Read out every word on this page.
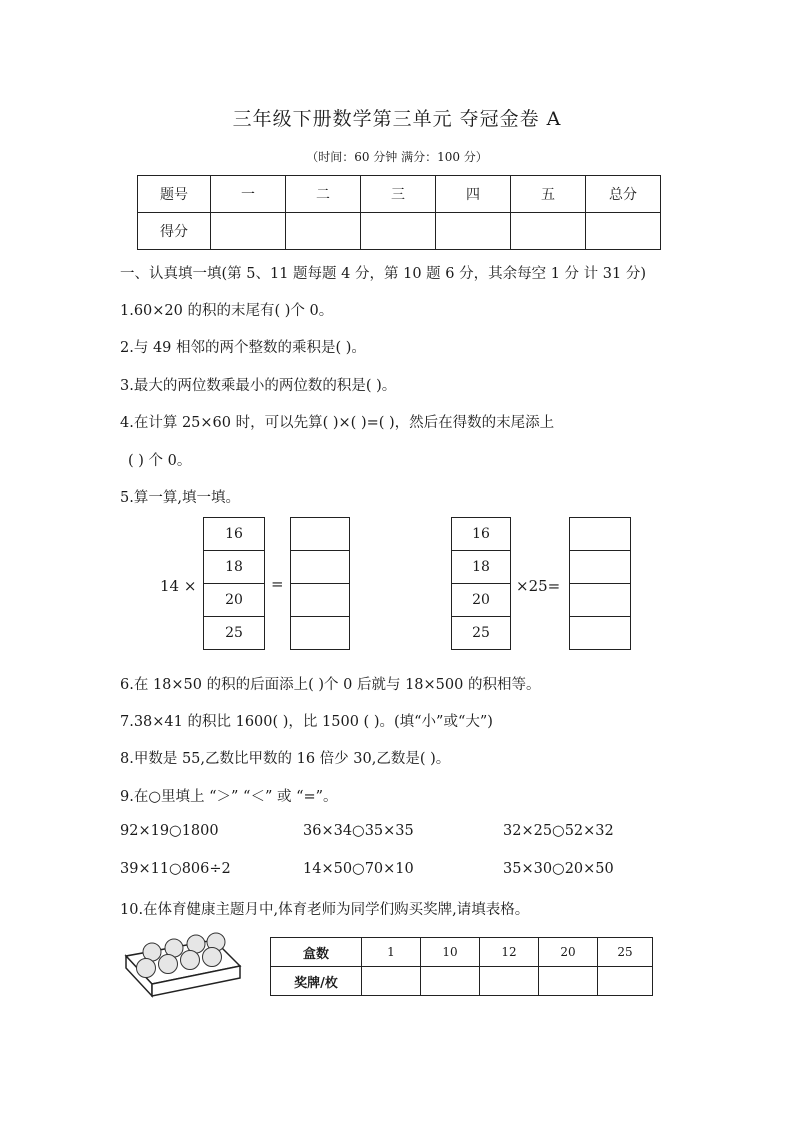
三年级下册数学第三单元 夺冠金卷 A
（时间：60 分钟 满分：100 分）
题号	一	二	三	四	五	总分
得分						
一、认真填一填(第 5、11 题每题 4 分，第 10 题 6 分，其余每空 1 分 计 31 分)
1.60×20 的积的末尾有( )个 0。
2.与 49 相邻的两个整数的乘积是( )。
3.最大的两位数乘最小的两位数的积是( )。
4.在计算 25×60 时，可以先算( )×( )=( )，然后在得数的末尾添上
( ) 个 0。
5.算一算,填一填。
14 ×
16
18
20
25
=
16
18
20
25
×25=
6.在 18×50 的积的后面添上( )个 0 后就与 18×500 的积相等。
7.38×41 的积比 1600( )，比 1500 ( )。(填“小”或“大”)
8.甲数是 55,乙数比甲数的 16 倍少 30,乙数是( )。
9.在○里填上 “＞” “＜” 或 “=”。
92×19○1800	36×34○35×35	32×25○52×32
39×11○806÷2	14×50○70×10	35×30○20×50
10.在体育健康主题月中,体育老师为同学们购买奖牌,请填表格。
盒数	1	10	12	20	25
奖牌/枚					
